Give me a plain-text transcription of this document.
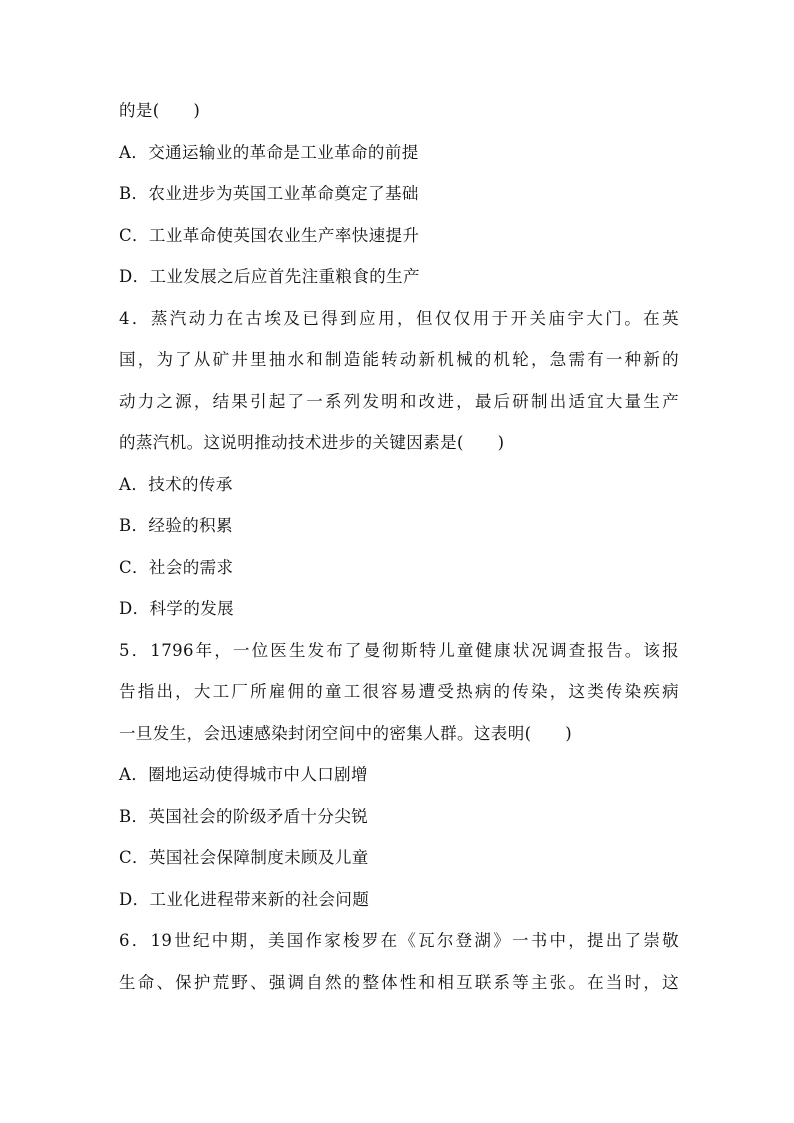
的是(　　)
A．交通运输业的革命是工业革命的前提
B．农业进步为英国工业革命奠定了基础
C．工业革命使英国农业生产率快速提升
D．工业发展之后应首先注重粮食的生产
4．蒸汽动力在古埃及已得到应用，但仅仅用于开关庙宇大门。在英
国，为了从矿井里抽水和制造能转动新机械的机轮，急需有一种新的
动力之源，结果引起了一系列发明和改进，最后研制出适宜大量生产
的蒸汽机。这说明推动技术进步的关键因素是(　　)
A．技术的传承
B．经验的积累
C．社会的需求
D．科学的发展
5．1796年，一位医生发布了曼彻斯特儿童健康状况调查报告。该报
告指出，大工厂所雇佣的童工很容易遭受热病的传染，这类传染疾病
一旦发生，会迅速感染封闭空间中的密集人群。这表明(　　)
A．圈地运动使得城市中人口剧增
B．英国社会的阶级矛盾十分尖锐
C．英国社会保障制度未顾及儿童
D．工业化进程带来新的社会问题
6．19世纪中期，美国作家梭罗在《瓦尔登湖》一书中，提出了崇敬
生命、保护荒野、强调自然的整体性和相互联系等主张。在当时，这
